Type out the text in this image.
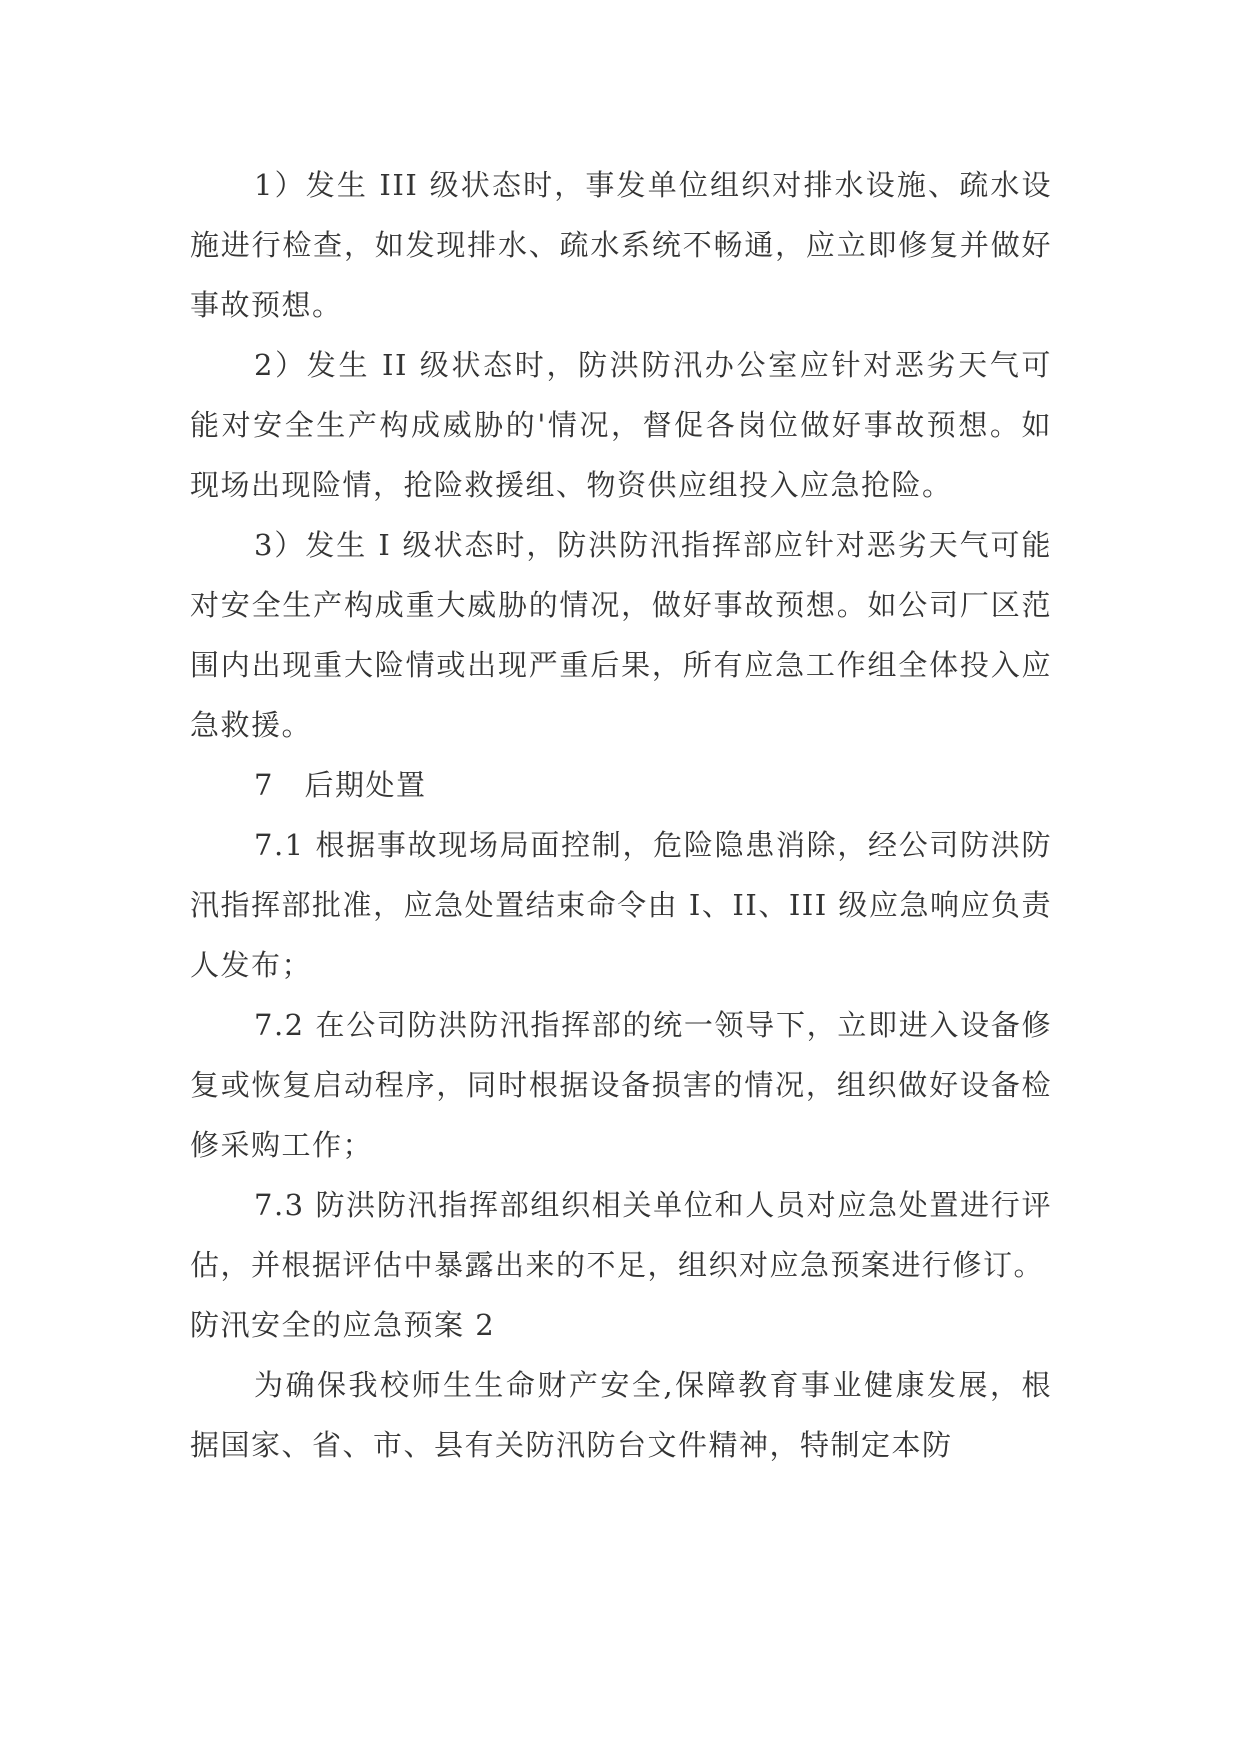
1）发生 III 级状态时，事发单位组织对排水设施、疏水设施进行检查，如发现排水、疏水系统不畅通，应立即修复并做好事故预想。

2）发生 II 级状态时，防洪防汛办公室应针对恶劣天气可能对安全生产构成威胁的'情况，督促各岗位做好事故预想。如现场出现险情，抢险救援组、物资供应组投入应急抢险。

3）发生 I 级状态时，防洪防汛指挥部应针对恶劣天气可能对安全生产构成重大威胁的情况，做好事故预想。如公司厂区范围内出现重大险情或出现严重后果，所有应急工作组全体投入应急救援。

7　后期处置

7.1 根据事故现场局面控制，危险隐患消除，经公司防洪防汛指挥部批准，应急处置结束命令由 I、II、III 级应急响应负责人发布；

7.2 在公司防洪防汛指挥部的统一领导下，立即进入设备修复或恢复启动程序，同时根据设备损害的情况，组织做好设备检修采购工作；

7.3 防洪防汛指挥部组织相关单位和人员对应急处置进行评估，并根据评估中暴露出来的不足，组织对应急预案进行修订。

防汛安全的应急预案 2

为确保我校师生生命财产安全,保障教育事业健康发展，根据国家、省、市、县有关防汛防台文件精神，特制定本防
